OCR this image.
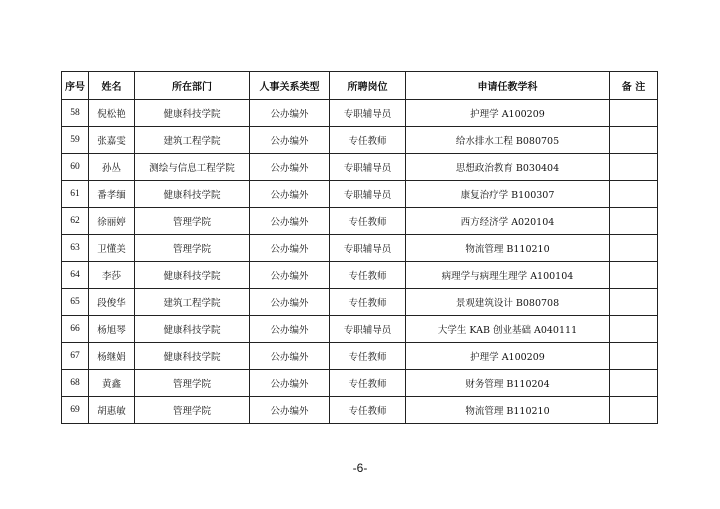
序号	姓名	所在部门	人事关系类型	所聘岗位	申请任教学科	备 注
58	倪松艳	健康科技学院	公办编外	专职辅导员	护理学 A100209	
59	张嘉雯	建筑工程学院	公办编外	专任教师	给水排水工程 B080705	
60	孙丛	测绘与信息工程学院	公办编外	专职辅导员	思想政治教育 B030404	
61	番孝缅	健康科技学院	公办编外	专职辅导员	康复治疗学 B100307	
62	徐丽婷	管理学院	公办编外	专任教师	西方经济学 A020104	
63	卫懂美	管理学院	公办编外	专职辅导员	物流管理 B110210	
64	李莎	健康科技学院	公办编外	专任教师	病理学与病理生理学 A100104	
65	段俊华	建筑工程学院	公办编外	专任教师	景观建筑设计 B080708	
66	杨旭琴	健康科技学院	公办编外	专职辅导员	大学生 KAB 创业基础 A040111	
67	杨继娟	健康科技学院	公办编外	专任教师	护理学 A100209	
68	黄鑫	管理学院	公办编外	专任教师	财务管理 B110204	
69	胡惠敏	管理学院	公办编外	专任教师	物流管理 B110210	
-6-
